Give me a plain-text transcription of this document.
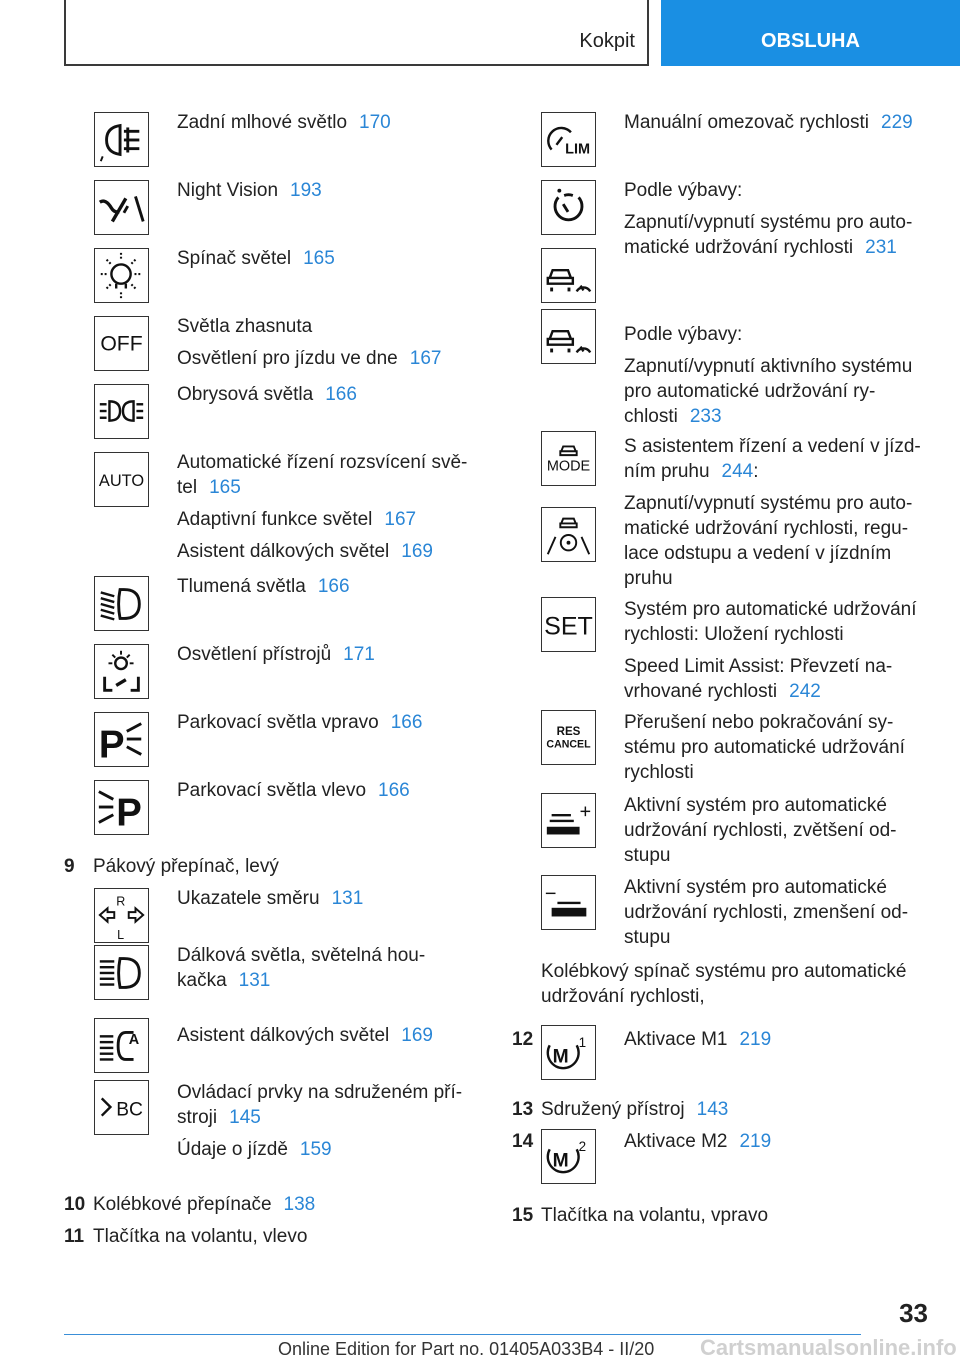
Kokpit	OBSLUHA
Zadní mlhové světlo 170
Night Vision 193
Spínač světel 165
OFF
Světla zhasnuta
Osvětlení pro jízdu ve dne 167
Obrysová světla 166
AUTO
Automatické řízení rozsvícení svě-
tel 165
Adaptivní funkce světel 167
Asistent dálkových světel 169
Tlumená světla 166
Osvětlení přístrojů 171
P
Parkovací světla vpravo 166
P
Parkovací světla vlevo 166
9 Pákový přepínač, levý
R
L
Ukazatele směru 131
Dálková světla, světelná hou-
kačka 131
A Asistent dálkových světel 169
BC
Ovládací prvky na sdruženém pří-
stroji 145
Údaje o jízdě 159
10 Kolébkové přepínače 138
11 Tlačítka na volantu, vlevo
LIM
Manuální omezovač rychlosti 229
Podle výbavy:
Zapnutí/vypnutí systému pro auto-
matické udržování rychlosti 231
Podle výbavy:
Zapnutí/vypnutí aktivního systému
pro automatické udržování ry-
chlosti 233
MODE
S asistentem řízení a vedení v jízd-
ním pruhu 244:
Zapnutí/vypnutí systému pro auto-
matické udržování rychlosti, regu-
lace odstupu a vedení v jízdním
pruhu
SET
Systém pro automatické udržování
rychlosti: Uložení rychlosti
Speed Limit Assist: Převzetí na-
vrhované rychlosti 242
RES
CANCEL
Přerušení nebo pokračování sy-
stému pro automatické udržování
rychlosti
Aktivní systém pro automatické
udržování rychlosti, zvětšení od-
stupu
Aktivní systém pro automatické
udržování rychlosti, zmenšení od-
stupu
Kolébkový spínač systému pro automatické
udržování rychlosti,
12
M
1 Aktivace M1 219
13 Sdružený přístroj 143
14
M
2 Aktivace M2 219
15 Tlačítka na volantu, vpravo
33
Cartsmanualsonline.info
Online Edition for Part no. 01405A033B4 - II/20
